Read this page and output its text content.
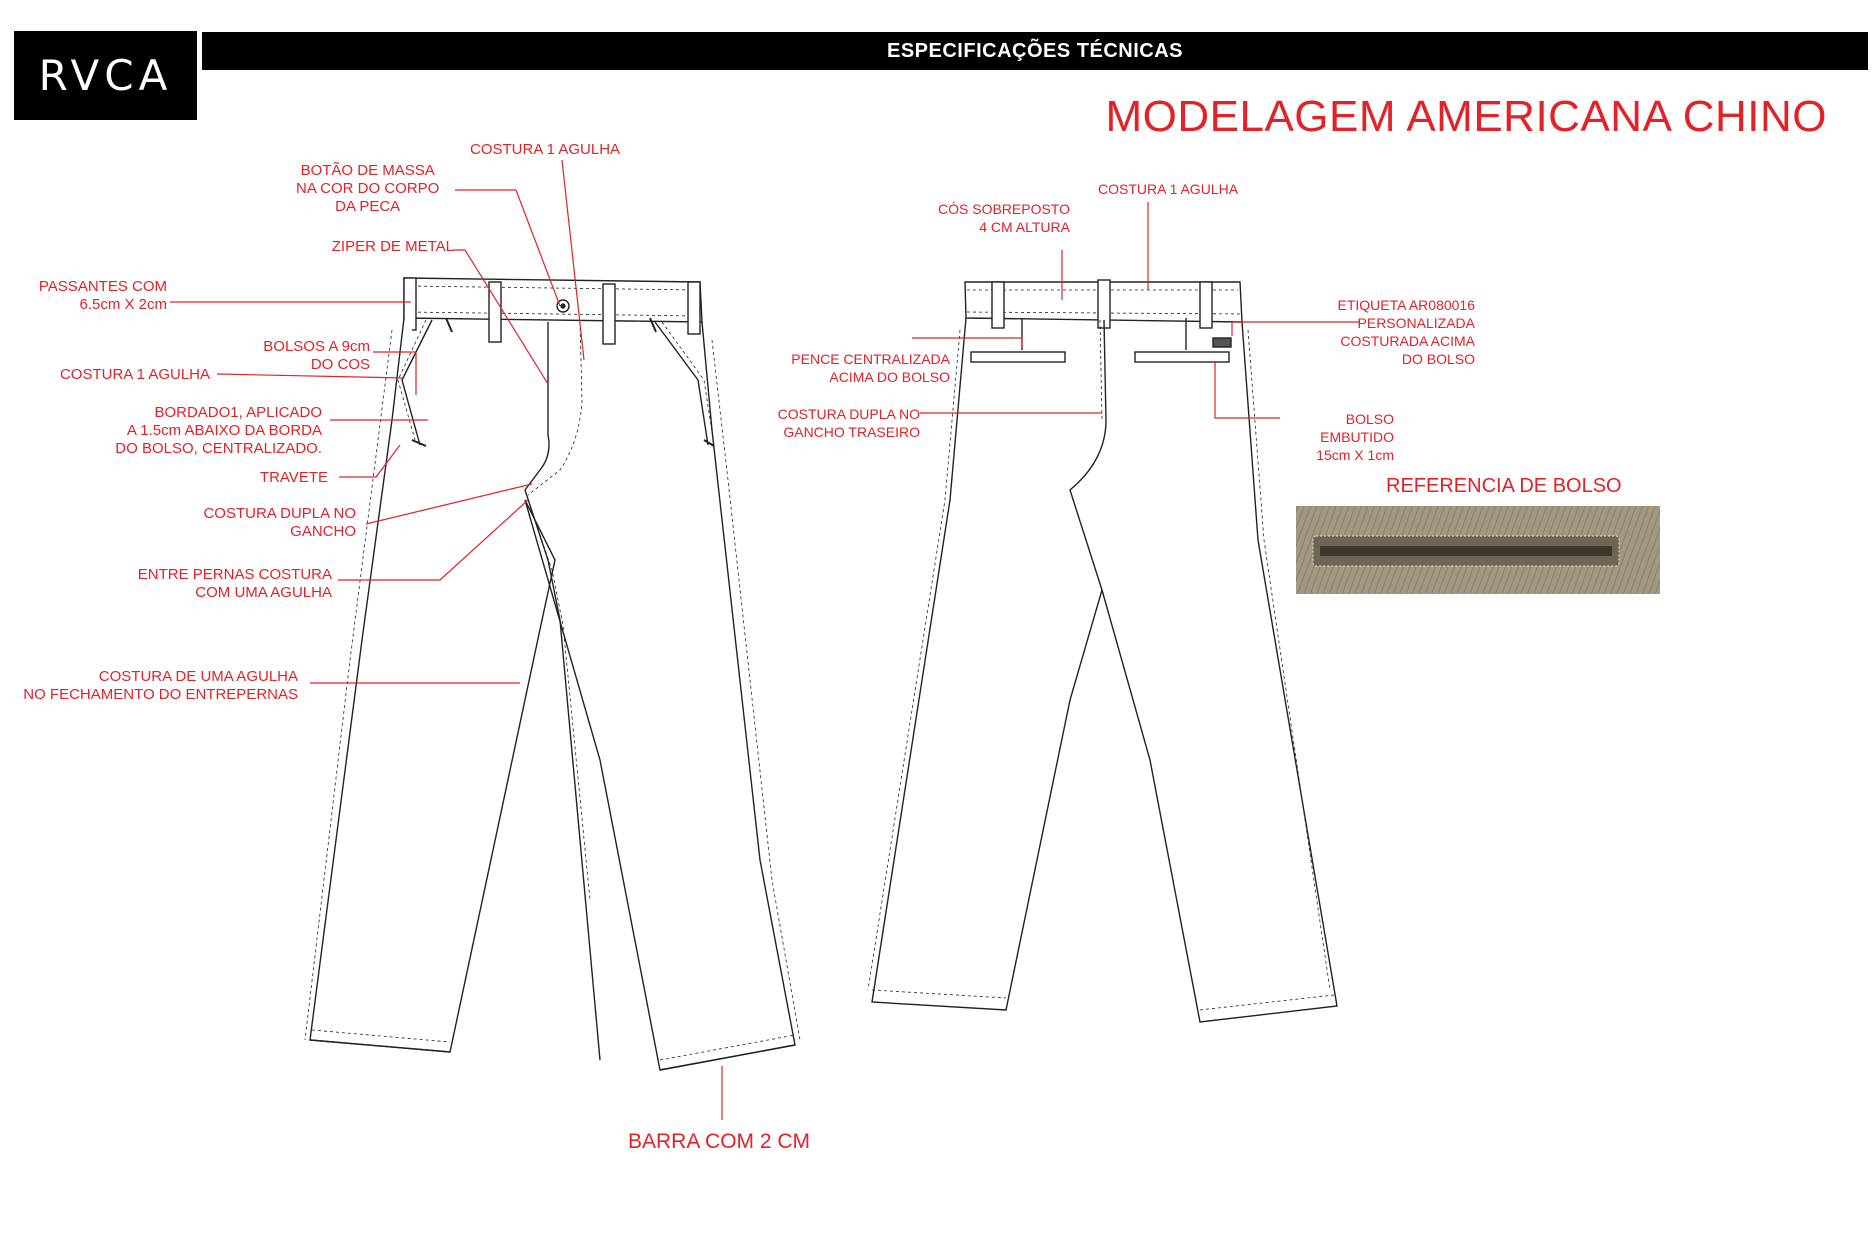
RVCA
ESPECIFICAÇÕES TÉCNICAS
MODELAGEM AMERICANA CHINO
COSTURA 1 AGULHA
BOTÃO DE MASSA
NA COR DO CORPO
DA PECA
ZIPER DE METAL
PASSANTES COM
6.5cm X 2cm
BOLSOS A 9cm
DO COS
COSTURA 1 AGULHA
BORDADO1, APLICADO
A 1.5cm ABAIXO DA BORDA
DO BOLSO, CENTRALIZADO.
TRAVETE
COSTURA DUPLA NO
GANCHO
ENTRE PERNAS COSTURA
COM UMA AGULHA
COSTURA DE UMA AGULHA
NO FECHAMENTO DO ENTREPERNAS
BARRA COM 2 CM
CÓS SOBREPOSTO
4 CM ALTURA
COSTURA 1 AGULHA
ETIQUETA AR080016
PERSONALIZADA
COSTURADA ACIMA
DO BOLSO
PENCE CENTRALIZADA
ACIMA DO BOLSO
COSTURA DUPLA NO
GANCHO TRASEIRO
BOLSO EMBUTIDO
15cm X 1cm
REFERENCIA DE BOLSO
